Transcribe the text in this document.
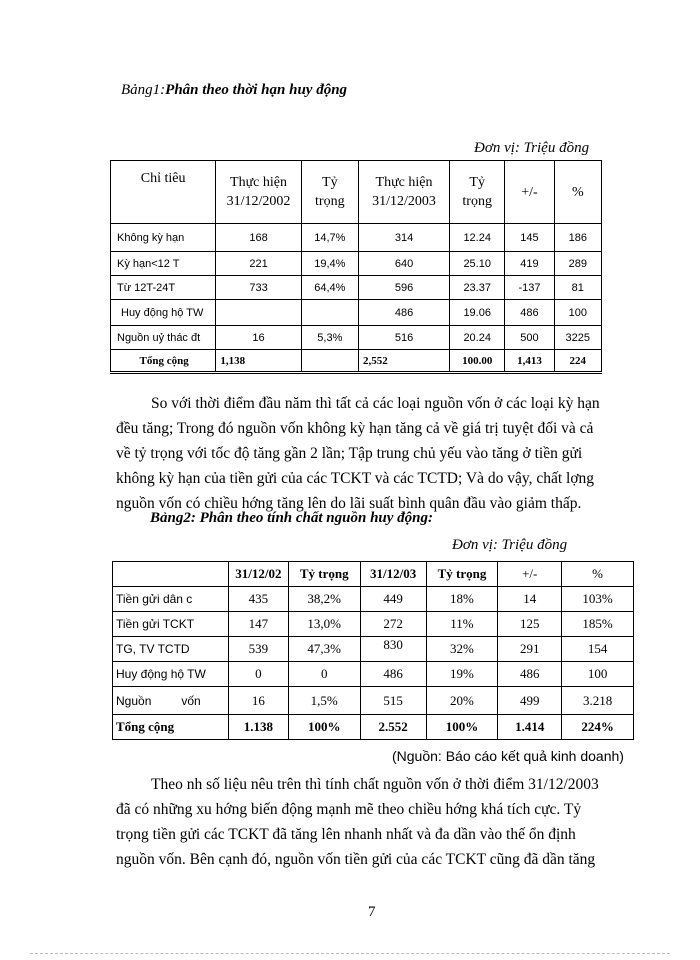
Bảng1:Phân theo thời hạn huy động
Đơn vị: Triệu đồng
Chỉ tiêu	Thực hiện 31/12/2002	Tỷ trọng	Thực hiện 31/12/2003	Tỷ trọng	+/-	%
Không kỳ hạn	168	14,7%	314	12.24	145	186
Kỳ hạn<12 T	221	19,4%	640	25.10	419	289
Từ 12T-24T	733	64,4%	596	23.37	-137	81
Huy động hộ TW			486	19.06	486	100
Nguồn uỷ thác đt	16	5,3%	516	20.24	500	3225
Tổng cộng	1,138		2,552	100.00	1,413	224
So với thời điểm đầu năm thì tất cả các loại nguồn vốn ở các loại kỳ hạn
đều tăng; Trong đó nguồn vốn không kỳ hạn tăng cả về giá trị tuyệt đối và cả
về tỷ trọng với tốc độ tăng gần 2 lần; Tập trung chủ yếu vào tăng ở tiền gửi
không kỳ hạn của tiền gửi của các TCKT và các TCTD; Và do vậy, chất lợng
nguồn vốn có chiều hớng tăng lên do lãi suất bình quân đầu vào giảm thấp.
Bảng2: Phân theo tính chất nguồn huy động:
Đơn vị: Triệu đồng
	31/12/02	Tỷ trọng	31/12/03	Tỷ trọng	+/-	%
Tiền gửi dân c	435	38,2%	449	18%	14	103%
Tiền gửi TCKT	147	13,0%	272	11%	125	185%
TG, TV TCTD	539	47,3%	830	32%	291	154
Huy động hộ TW	0	0	486	19%	486	100
Nguồn         vốn	16	1,5%	515	20%	499	3.218
Tổng cộng	1.138	100%	2.552	100%	1.414	224%
(Nguồn: Báo cáo kết quả kinh doanh)
Theo nh số liệu nêu trên thì tính chất nguồn vốn ở thời điểm 31/12/2003
đã có những xu hớng biến động mạnh mẽ theo chiều hớng khá tích cực. Tỷ
trọng tiền gửi các TCKT đã tăng lên nhanh nhất và đa dần vào thế ổn định
nguồn vốn. Bên cạnh đó, nguồn vốn tiền gửi của các TCKT cũng đã dần tăng
7
